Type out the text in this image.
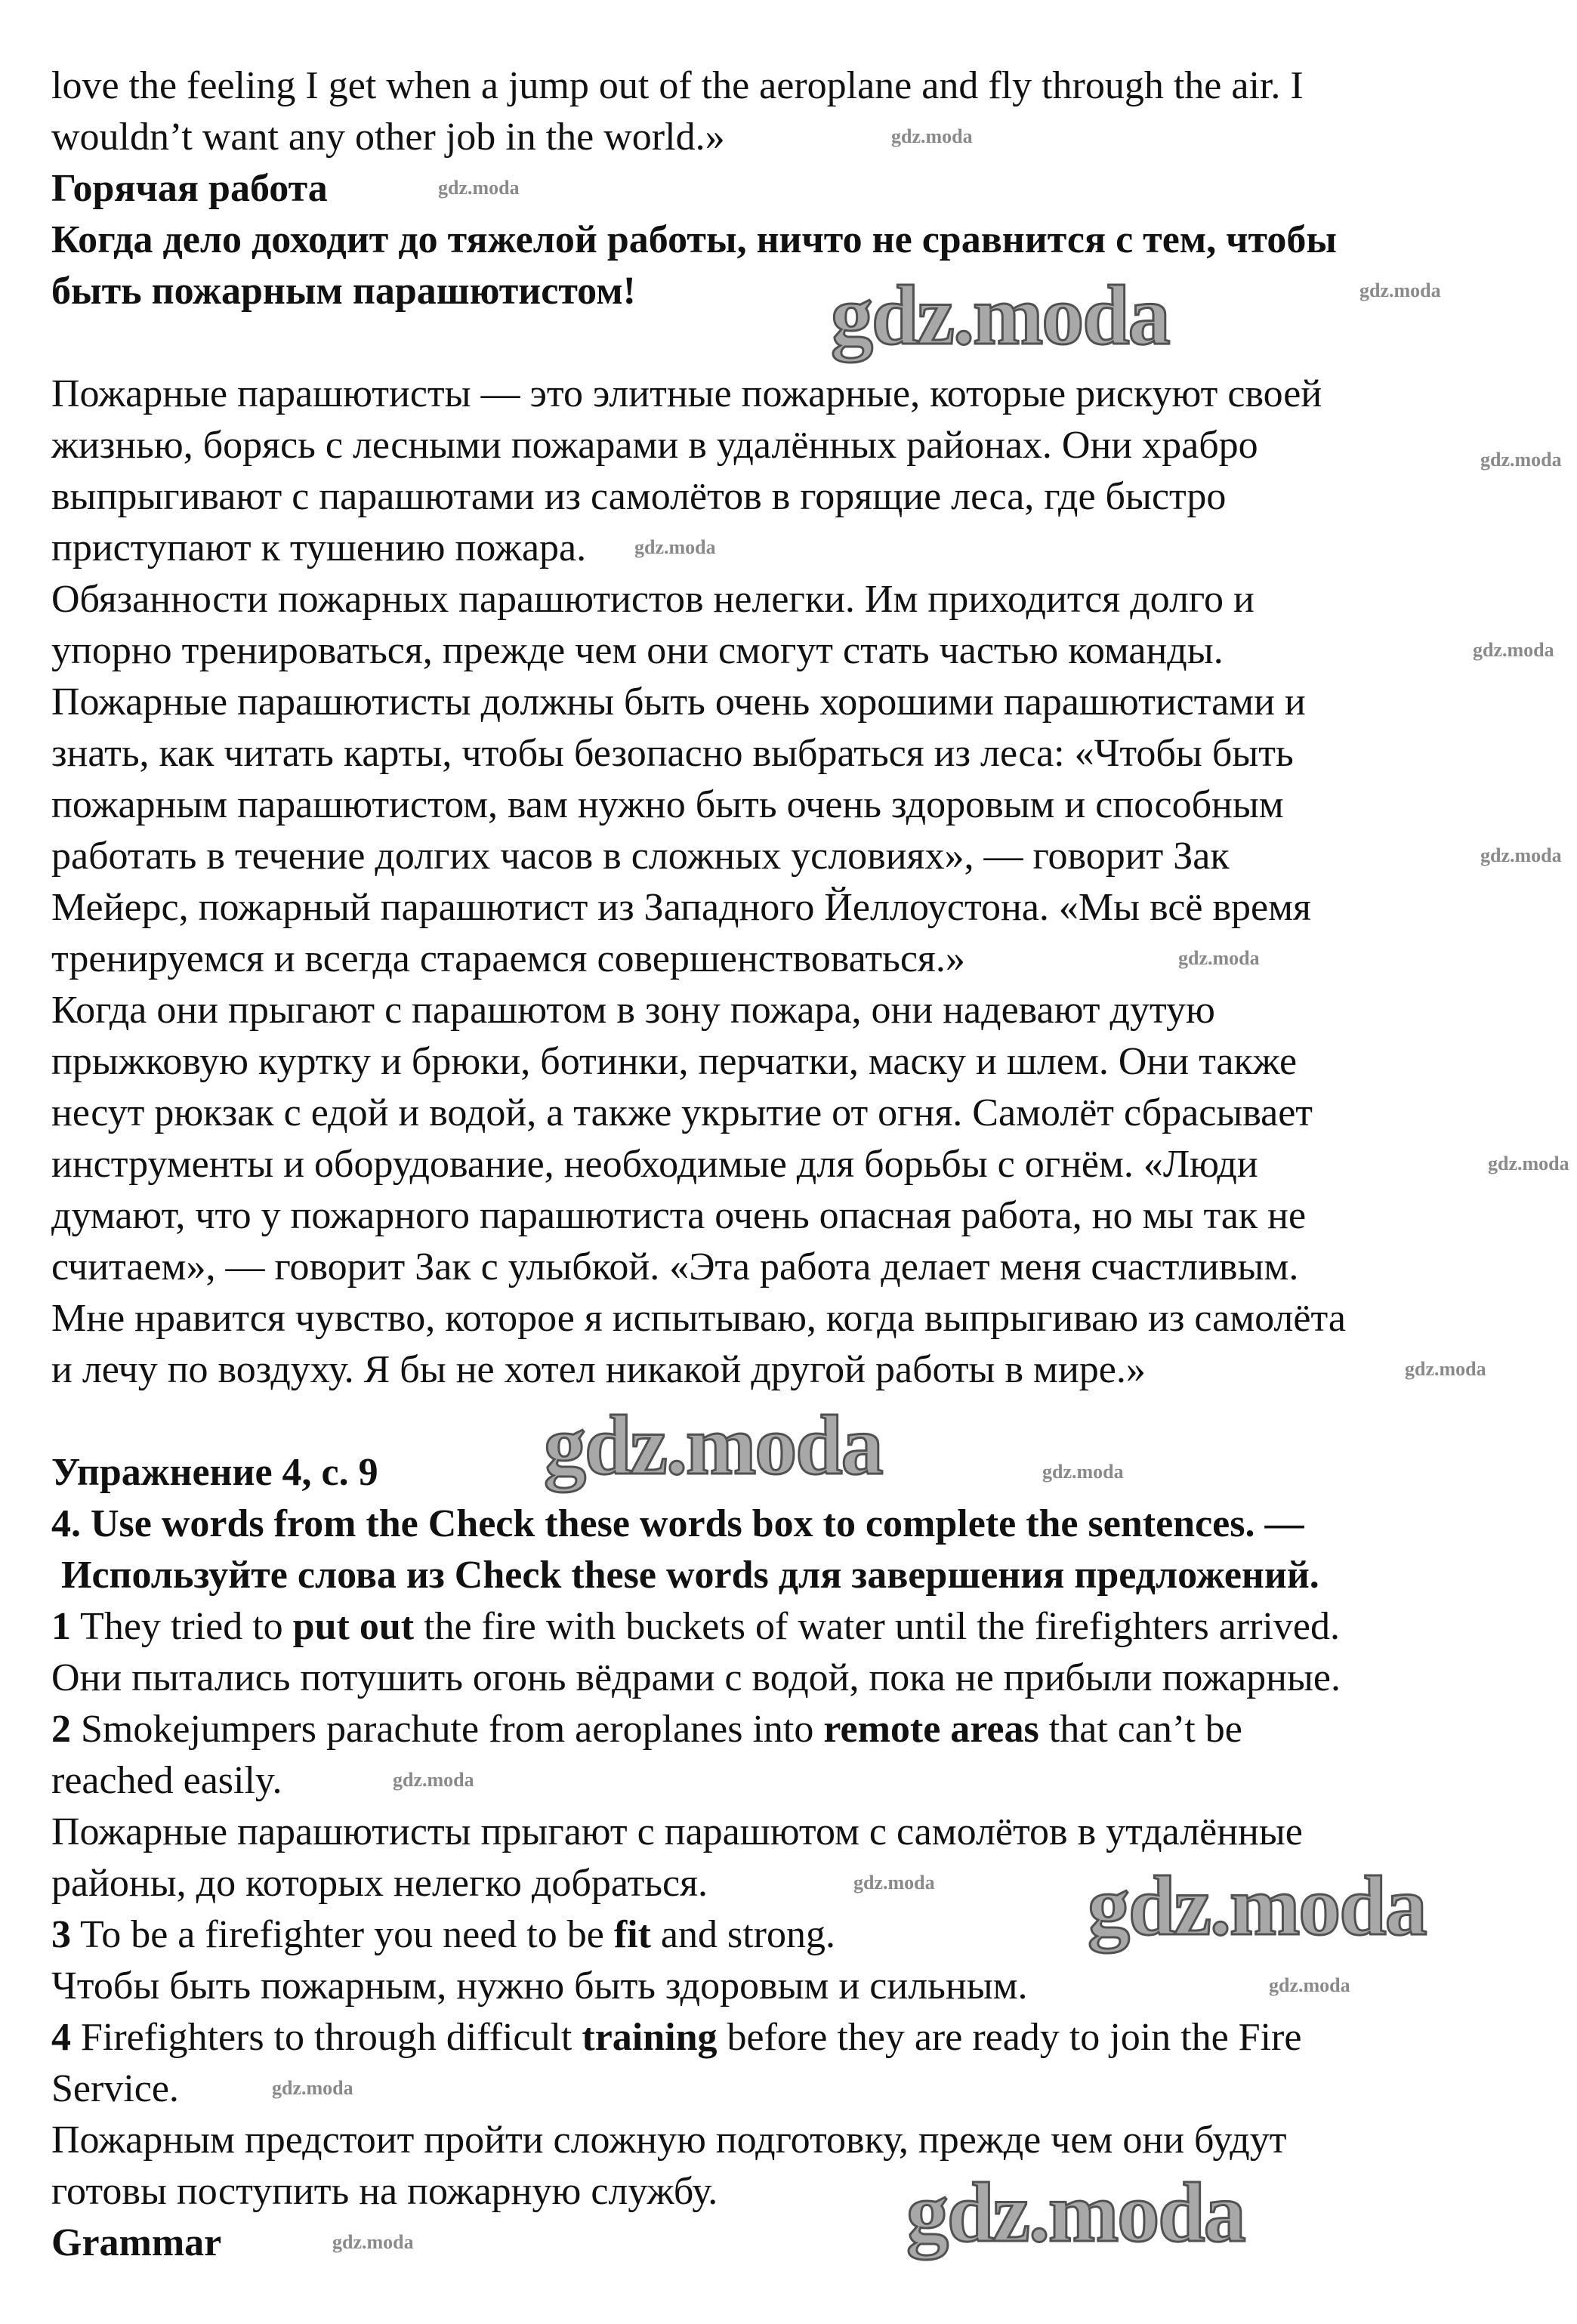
love the feeling I get when a jump out of the aeroplane and fly through the air. I
wouldn’t want any other job in the world.»
Горячая работа
Когда дело доходит до тяжелой работы, ничто не сравнится с тем, чтобы
быть пожарным парашютистом!
Пожарные парашютисты — это элитные пожарные, которые рискуют своей
жизнью, борясь с лесными пожарами в удалённых районах. Они храбро
выпрыгивают с парашютами из самолётов в горящие леса, где быстро
приступают к тушению пожара.
Обязанности пожарных парашютистов нелегки. Им приходится долго и
упорно тренироваться, прежде чем они смогут стать частью команды.
Пожарные парашютисты должны быть очень хорошими парашютистами и
знать, как читать карты, чтобы безопасно выбраться из леса: «Чтобы быть
пожарным парашютистом, вам нужно быть очень здоровым и способным
работать в течение долгих часов в сложных условиях», — говорит Зак
Мейерс, пожарный парашютист из Западного Йеллоустона. «Мы всё время
тренируемся и всегда стараемся совершенствоваться.»
Когда они прыгают с парашютом в зону пожара, они надевают дутую
прыжковую куртку и брюки, ботинки, перчатки, маску и шлем. Они также
несут рюкзак с едой и водой, а также укрытие от огня. Самолёт сбрасывает
инструменты и оборудование, необходимые для борьбы с огнём. «Люди
думают, что у пожарного парашютиста очень опасная работа, но мы так не
считаем», — говорит Зак с улыбкой. «Эта работа делает меня счастливым.
Мне нравится чувство, которое я испытываю, когда выпрыгиваю из самолёта
и лечу по воздуху. Я бы не хотел никакой другой работы в мире.»
Упражнение 4, с. 9
4. Use words from the Check these words box to complete the sentences. —
Используйте слова из Check these words для завершения предложений.
1 They tried to put out the fire with buckets of water until the firefighters arrived.
Они пытались потушить огонь вёдрами с водой, пока не прибыли пожарные.
2 Smokejumpers parachute from aeroplanes into remote areas that can’t be
reached easily.
Пожарные парашютисты прыгают с парашютом с самолётов в утдалённые
районы, до которых нелегко добраться.
3 To be a firefighter you need to be fit and strong.
Чтобы быть пожарным, нужно быть здоровым и сильным.
4 Firefighters to through difficult training before they are ready to join the Fire
Service.
Пожарным предстоит пройти сложную подготовку, прежде чем они будут
готовы поступить на пожарную службу.
Grammar
gdz.moda
gdz.moda
gdz.moda
gdz.moda
gdz.moda
gdz.moda
gdz.moda
gdz.moda
gdz.moda
gdz.moda
gdz.moda
gdz.moda
gdz.moda
gdz.moda
gdz.moda
gdz.moda
gdz.moda
gdz.moda
gdz.moda
gdz.moda
